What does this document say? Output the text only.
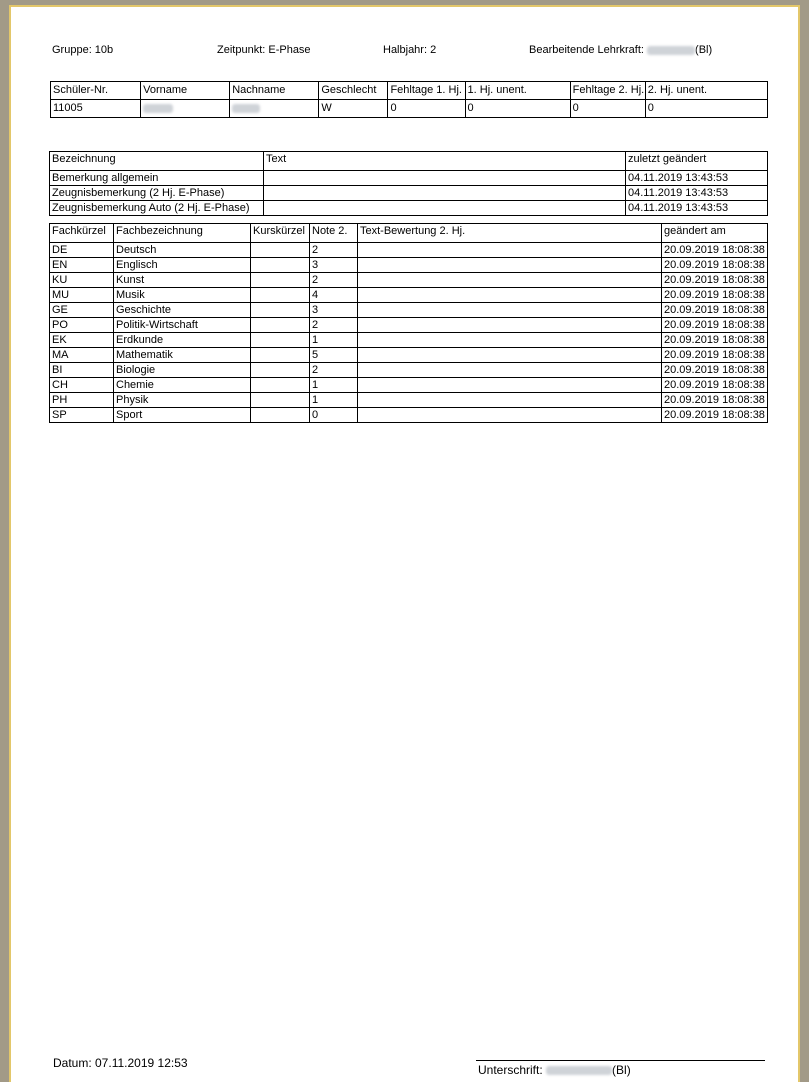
Gruppe: 10b	Zeitpunkt: E-Phase	Halbjahr: 2	Bearbeitende Lehrkraft:	(Bl)
Schüler-Nr.	Vorname	Nachname	Geschlecht	Fehltage 1. Hj.	1. Hj. unent.	Fehltage 2. Hj.	2. Hj. unent.
11005			W	0	0	0	0
Bezeichnung	Text	zuletzt geändert
Bemerkung allgemein		04.11.2019 13:43:53
Zeugnisbemerkung (2 Hj. E-Phase)		04.11.2019 13:43:53
Zeugnisbemerkung Auto (2 Hj. E-Phase)		04.11.2019 13:43:53
Fachkürzel	Fachbezeichnung	Kurskürzel	Note 2.	Text-Bewertung 2. Hj.	geändert am
DE	Deutsch		2		20.09.2019 18:08:38
EN	Englisch		3		20.09.2019 18:08:38
KU	Kunst		2		20.09.2019 18:08:38
MU	Musik		4		20.09.2019 18:08:38
GE	Geschichte		3		20.09.2019 18:08:38
PO	Politik-Wirtschaft		2		20.09.2019 18:08:38
EK	Erdkunde		1		20.09.2019 18:08:38
MA	Mathematik		5		20.09.2019 18:08:38
BI	Biologie		2		20.09.2019 18:08:38
CH	Chemie		1		20.09.2019 18:08:38
PH	Physik		1		20.09.2019 18:08:38
SP	Sport		0		20.09.2019 18:08:38
Datum: 07.11.2019 12:53	Unterschrift:	(Bl)
